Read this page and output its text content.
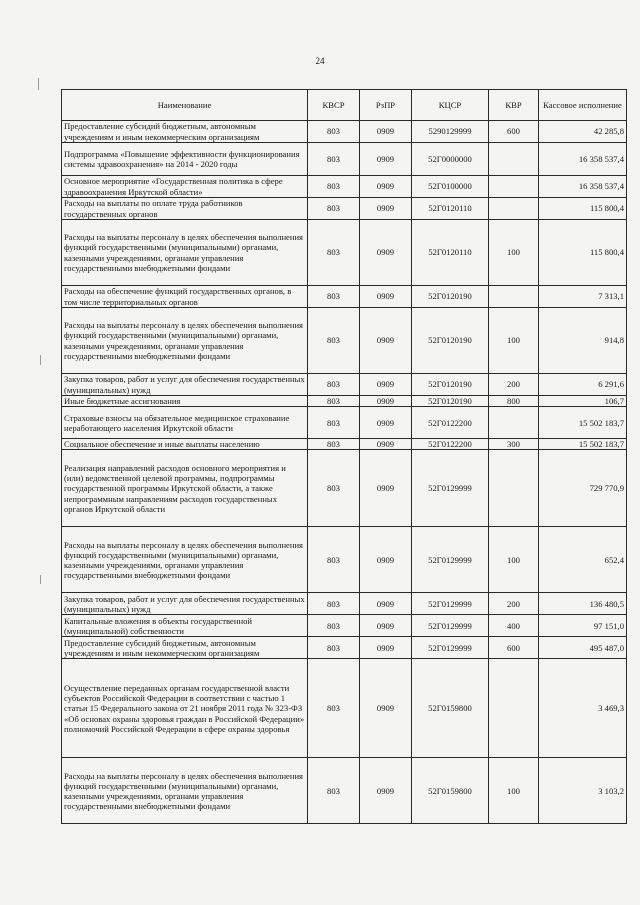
24
Наименование	КВСР	РзПР	КЦСР	КВР	Кассовое исполнение
Предоставление субсидий бюджетным, автономным учреждениям и иным некоммерческим организациям	803	0909	5290129999	600	42 285,8
Подпрограмма «Повышение эффективности функционирования системы здравоохранения» на 2014 - 2020 годы	803	0909	52Г0000000		16 358 537,4
Основное мероприятие «Государственная политика в сфере здравоохранения Иркутской области»	803	0909	52Г0100000		16 358 537,4
Расходы на выплаты по оплате труда работников государственных органов	803	0909	52Г0120110		115 800,4
Расходы на выплаты персоналу в целях обеспечения выполнения функций государственными (муниципальными) органами, казенными учреждениями, органами управления государственными внебюджетными фондами	803	0909	52Г0120110	100	115 800,4
Расходы на обеспечение функций государственных органов, в том числе территориальных органов	803	0909	52Г0120190		7 313,1
Расходы на выплаты персоналу в целях обеспечения выполнения функций государственными (муниципальными) органами, казенными учреждениями, органами управления государственными внебюджетными фондами	803	0909	52Г0120190	100	914,8
Закупка товаров, работ и услуг для обеспечения государственных (муниципальных) нужд	803	0909	52Г0120190	200	6 291,6
Иные бюджетные ассигнования	803	0909	52Г0120190	800	106,7
Страховые взносы на обязательное медицинское страхование неработающего населения Иркутской области	803	0909	52Г0122200		15 502 183,7
Социальное обеспечение и иные выплаты населению	803	0909	52Г0122200	300	15 502 183,7
Реализация направлений расходов основного мероприятия и (или) ведомственной целевой программы, подпрограммы государственной программы Иркутской области, а также непрограммным направлениям расходов государственных органов Иркутской области	803	0909	52Г0129999		729 770,9
Расходы на выплаты персоналу в целях обеспечения выполнения функций государственными (муниципальными) органами, казенными учреждениями, органами управления государственными внебюджетными фондами	803	0909	52Г0129999	100	652,4
Закупка товаров, работ и услуг для обеспечения государственных (муниципальных) нужд	803	0909	52Г0129999	200	136 480,5
Капитальные вложения в объекты государственной (муниципальной) собственности	803	0909	52Г0129999	400	97 151,0
Предоставление субсидий бюджетным, автономным учреждениям и иным некоммерческим организациям	803	0909	52Г0129999	600	495 487,0
Осуществление переданных органам государственной власти субъектов Российской Федерации в соответствии с частью 1 статьи 15 Федерального закона от 21 ноября 2011 года № 323-ФЗ «Об основах охраны здоровья граждан в Российской Федерации» полномочий Российской Федерации в сфере охраны здоровья	803	0909	52Г0159800		3 469,3
Расходы на выплаты персоналу в целях обеспечения выполнения функций государственными (муниципальными) органами, казенными учреждениями, органами управления государственными внебюджетными фондами	803	0909	52Г0159800	100	3 103,2
